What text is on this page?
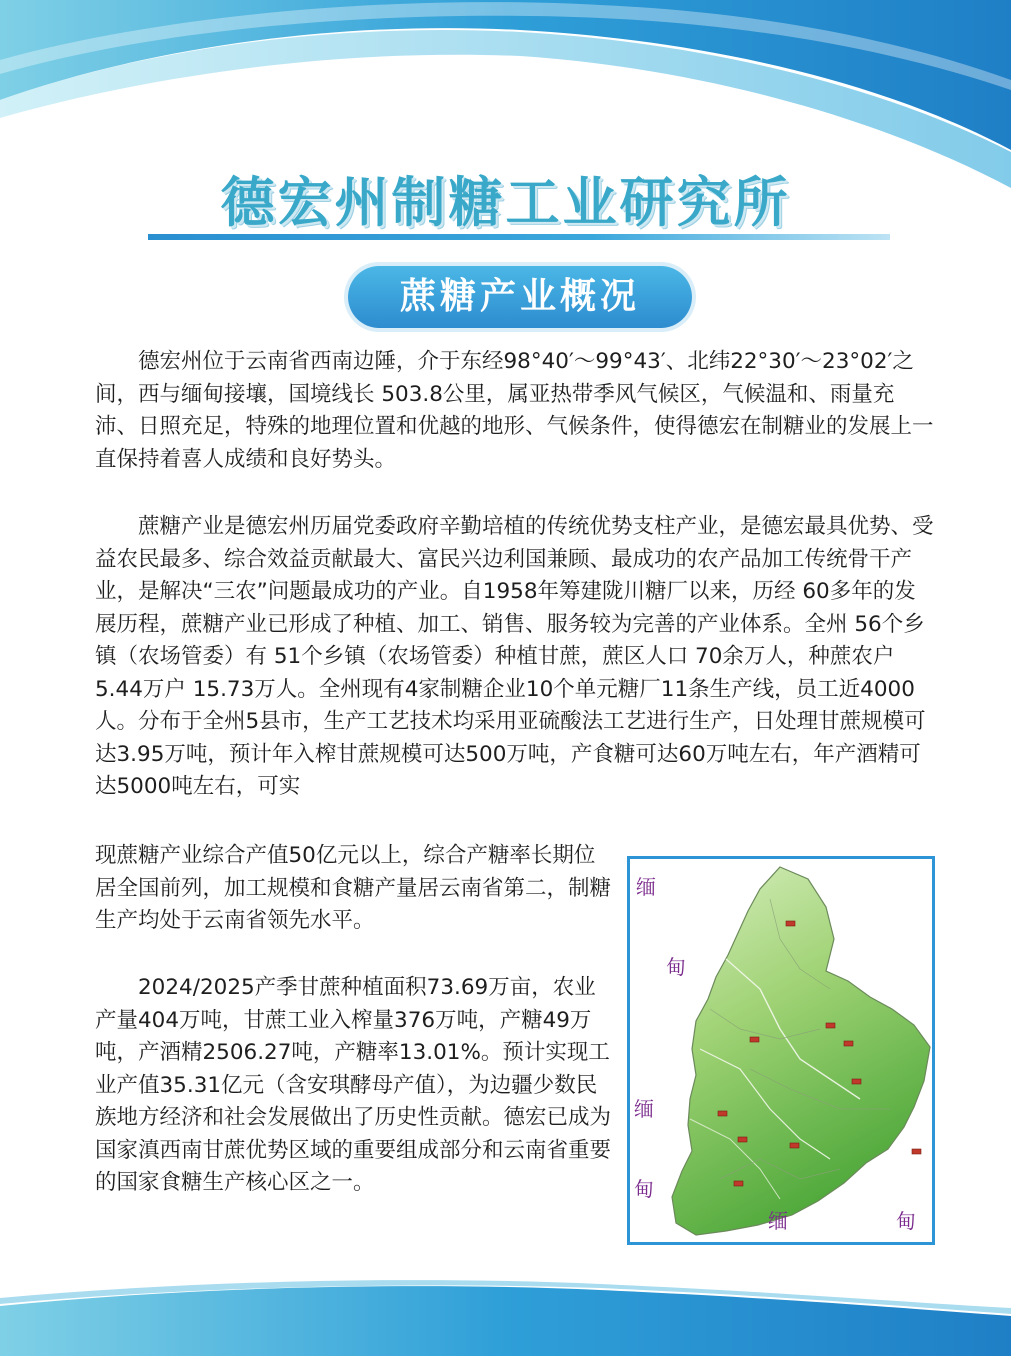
德宏州制糖工业研究所
蔗糖产业概况

德宏州位于云南省西南边陲，介于东经98°40′～99°43′、北纬22°30′～23°02′之间，西与缅甸接壤，国境线长 503.8公里，属亚热带季风气候区，气候温和、雨量充沛、日照充足，特殊的地理位置和优越的地形、气候条件，使得德宏在制糖业的发展上一直保持着喜人成绩和良好势头。

蔗糖产业是德宏州历届党委政府辛勤培植的传统优势支柱产业，是德宏最具优势、受益农民最多、综合效益贡献最大、富民兴边利国兼顾、最成功的农产品加工传统骨干产业，是解决“三农”问题最成功的产业。自1958年筹建陇川糖厂以来，历经 60多年的发展历程，蔗糖产业已形成了种植、加工、销售、服务较为完善的产业体系。全州 56个乡镇（农场管委）有 51个乡镇（农场管委）种植甘蔗，蔗区人口 70余万人，种蔗农户 5.44万户 15.73万人。全州现有4家制糖企业10个单元糖厂11条生产线，员工近4000人。分布于全州5县市，生产工艺技术均采用亚硫酸法工艺进行生产，日处理甘蔗规模可达3.95万吨，预计年入榨甘蔗规模可达500万吨，产食糖可达60万吨左右，年产酒精可达5000吨左右，可实

现蔗糖产业综合产值50亿元以上，综合产糖率长期位居全国前列，加工规模和食糖产量居云南省第二，制糖生产均处于云南省领先水平。

2024/2025产季甘蔗种植面积73.69万亩，农业产量404万吨，甘蔗工业入榨量376万吨，产糖49万吨，产酒精2506.27吨，产糖率13.01%。预计实现工业产值35.31亿元（含安琪酵母产值），为边疆少数民族地方经济和社会发展做出了历史性贡献。德宏已成为国家滇西南甘蔗优势区域的重要组成部分和云南省重要的国家食糖生产核心区之一。

缅
甸
缅
甸
缅	甸
